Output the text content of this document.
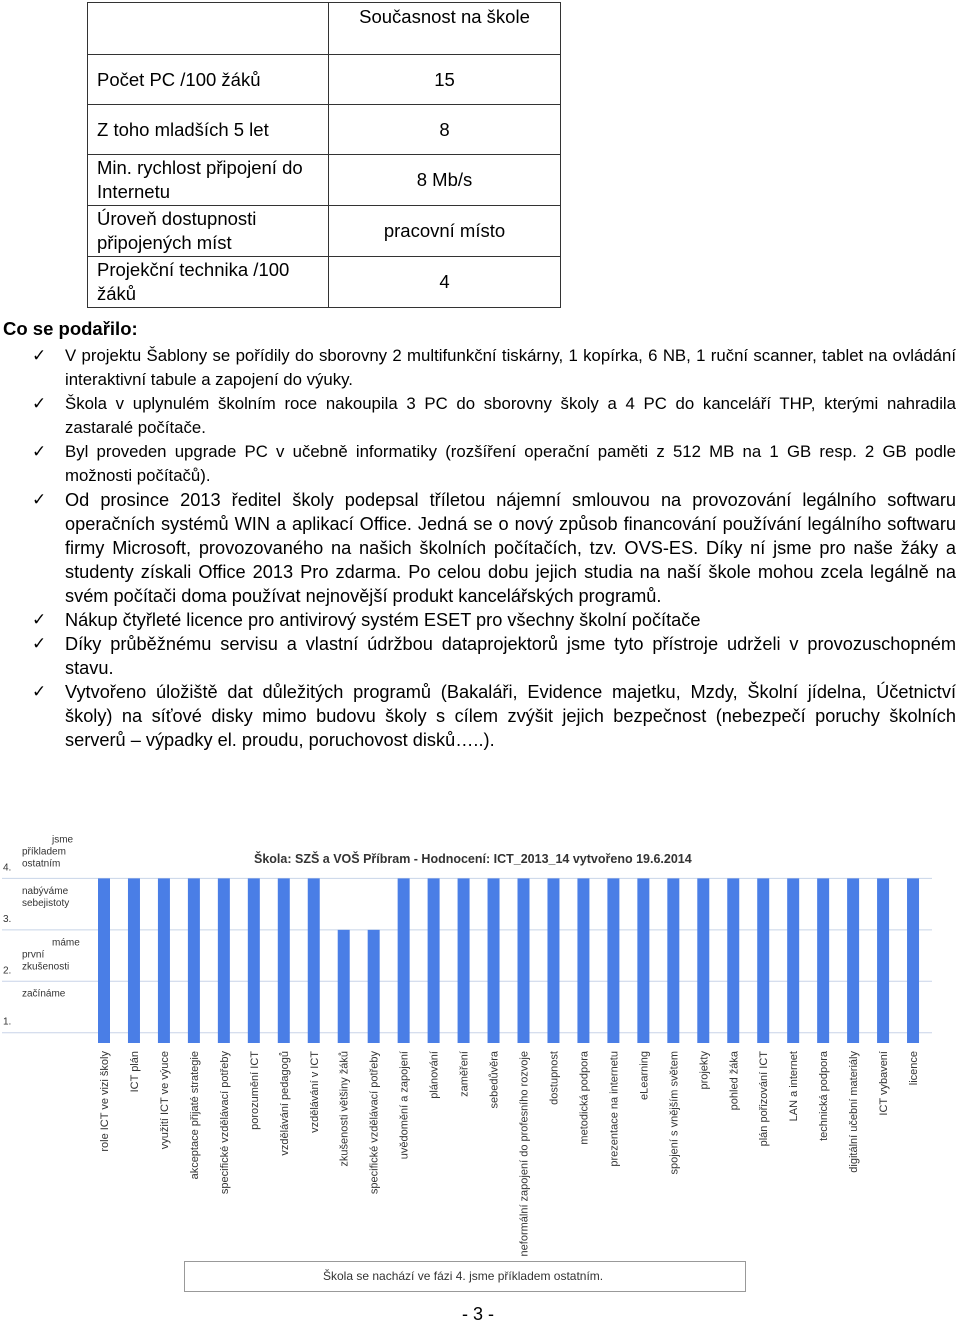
	Současnost na škole
Počet PC /100 žáků	15
Z toho mladších 5 let	8
Min. rychlost připojení do Internetu	8 Mb/s
Úroveň dostupnosti připojených míst	pracovní místo
Projekční technika /100 žáků	4
Co se podařilo:
✓	V projektu Šablony se pořídily do sborovny 2 multifunkční tiskárny, 1 kopírka, 6 NB, 1 ruční scanner, tablet na ovládání interaktivní tabule a zapojení do výuky.
✓	Škola v uplynulém školním roce nakoupila 3 PC do sborovny školy a 4 PC do kanceláří THP, kterými nahradila zastaralé počítače.
✓	Byl proveden upgrade PC v učebně informatiky (rozšíření operační paměti z 512 MB na 1 GB resp. 2 GB podle možnosti počítačů).
✓	Od prosince 2013 ředitel školy podepsal tříletou nájemní smlouvou na provozování legálního softwaru operačních systémů WIN a aplikací Office. Jedná se o nový způsob financování používání legálního softwaru firmy Microsoft, provozovaného na našich školních počítačích, tzv. OVS-ES. Díky ní jsme pro naše žáky a studenty získali Office 2013 Pro zdarma. Po celou dobu jejich studia na naší škole mohou zcela legálně na svém počítači doma používat nejnovější produkt kancelářských programů.
✓	Nákup čtyřleté licence pro antivirový systém ESET pro všechny školní počítače
✓	Díky průběžnému servisu a vlastní údržbou dataprojektorů jsme tyto přístroje udrželi v provozuschopném stavu.
✓	Vytvořeno úložiště dat důležitých programů (Bakaláři, Evidence majetku, Mzdy, Školní jídelna, Účetnictví školy) na síťové disky mimo budovu školy s cílem zvýšit jejich bezpečnost (nebezpečí poruchy školních serverů – výpadky el. proudu, poruchovost disků…..).
Škola: SZŠ a VOŠ Příbram - Hodnocení: ICT_2013_14 vytvořeno 19.6.2014
4.
jsme příkladem ostatním
3.
nabýváme sebejistoty
2.
máme první zkušenosti
1.
začínáme
role ICT ve vizi školy ICT plán využití ICT ve výuce akceptace přijaté strategie specifické vzdělávací potřeby porozumění ICT vzdělávání pedagogů vzdělávání v ICT zkušenosti většiny žáků specifické vzdělávací potřeby uvědomění a zapojení plánování zaměření sebedůvěra neformální zapojení do profesního rozvoje dostupnost metodická podpora prezentace na internetu eLearning spojení s vnějším světem projekty pohled žáka plán pořizování ICT LAN a internet technická podpora digitální učební materiály ICT vybavení licence
Škola se nachází ve fázi 4. jsme příkladem ostatním.
- 3 -
